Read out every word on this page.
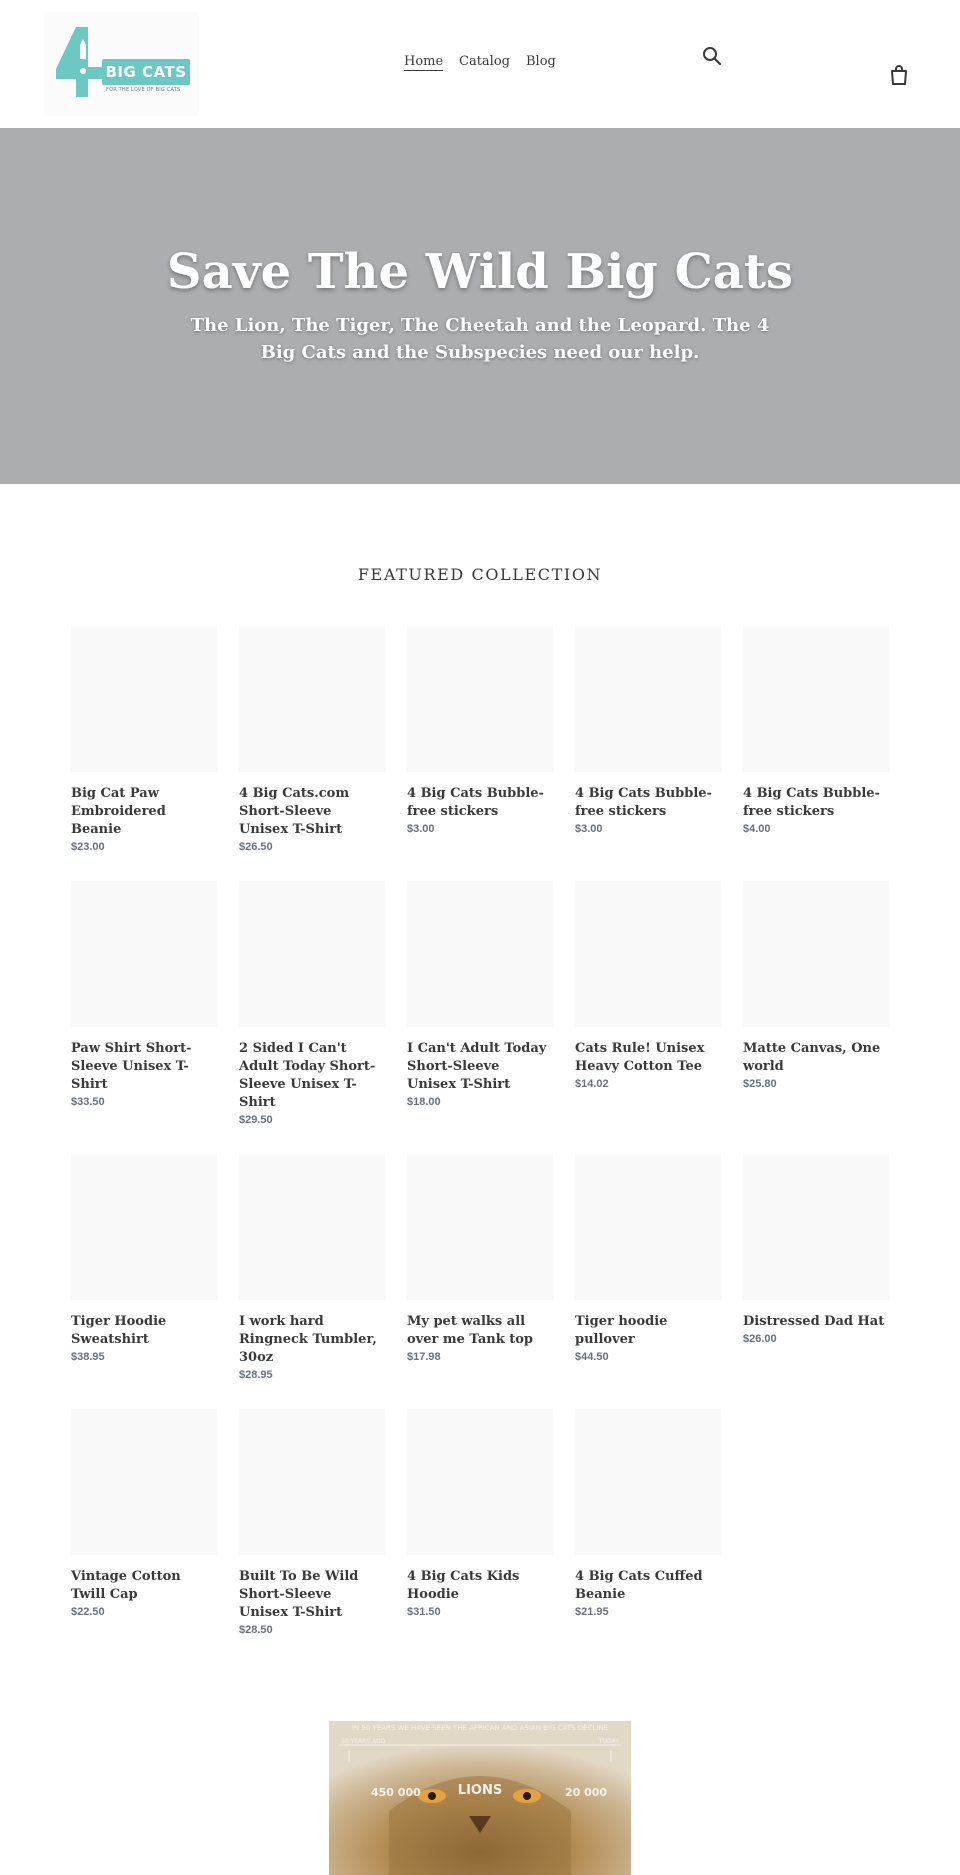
BIG CATS
FOR THE LOVE OF BIG CATS
Home Catalog Blog
Save The Wild Big Cats
The Lion, The Tiger, The Cheetah and the Leopard. The 4 Big Cats and the Subspecies need our help.
FEATURED COLLECTION
Big Cat Paw Embroidered Beanie
$23.00
4 Big Cats.com Short-Sleeve Unisex T-Shirt
$26.50
4 Big Cats Bubble-free stickers
$3.00
4 Big Cats Bubble-free stickers
$3.00
4 Big Cats Bubble-free stickers
$4.00
Paw Shirt Short-Sleeve Unisex T-Shirt
$33.50
2 Sided I Can't Adult Today Short-Sleeve Unisex T-Shirt
$29.50
I Can't Adult Today Short-Sleeve Unisex T-Shirt
$18.00
Cats Rule! Unisex Heavy Cotton Tee
$14.02
Matte Canvas, One world
$25.80
Tiger Hoodie Sweatshirt
$38.95
I work hard Ringneck Tumbler, 30oz
$28.95
My pet walks all over me Tank top
$17.98
Tiger hoodie pullover
$44.50
Distressed Dad Hat
$26.00
Vintage Cotton Twill Cap
$22.50
Built To Be Wild Short-Sleeve Unisex T-Shirt
$28.50
4 Big Cats Kids Hoodie
$31.50
4 Big Cats Cuffed Beanie
$21.95
IN 50 YEARS WE HAVE SEEN THE AFRICAN AND ASIAN BIG CATS DECLINE
50 YEARS AGO	TODAY
450 000	LIONS	20 000
